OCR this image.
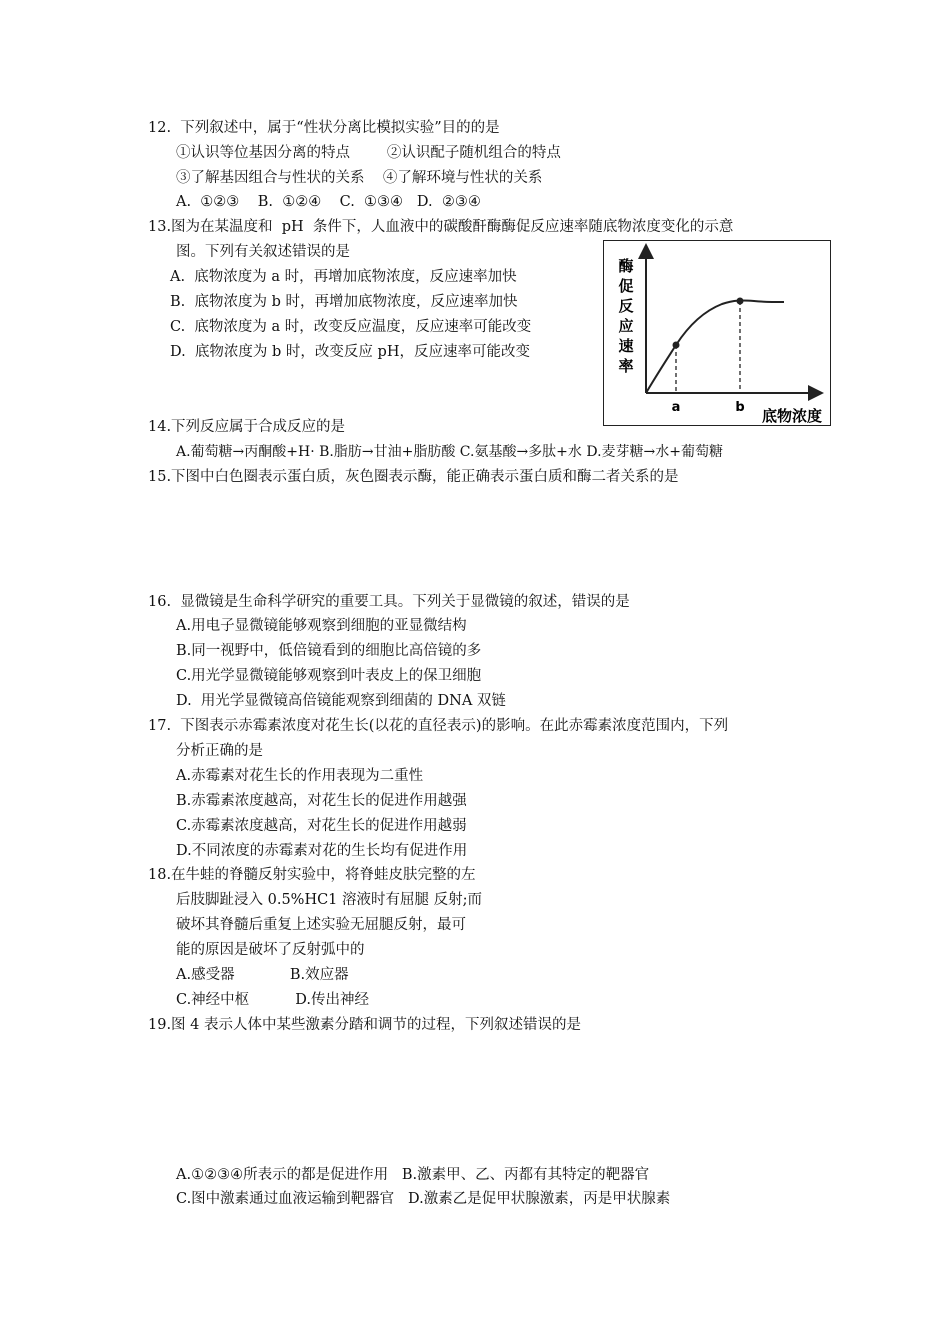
12.  下列叙述中，属于“性状分离比模拟实验”目的的是
①认识等位基因分离的特点        ②认识配子随机组合的特点
③了解基因组合与性状的关系    ④了解环境与性状的关系
A.  ①②③    B.  ①②④    C.  ①③④   D.  ②③④
13.图为在某温度和  pH  条件下，人血液中的碳酸酐酶酶促反应速率随底物浓度变化的示意
图。下列有关叙述错误的是
A.  底物浓度为 a 时，再增加底物浓度，反应速率加快
B.  底物浓度为 b 时，再增加底物浓度，反应速率加快
C.  底物浓度为 a 时，改变反应温度，反应速率可能改变
D.  底物浓度为 b 时，改变反应 pH，反应速率可能改变
酶
促
反
应
速
率
a	b 底物浓度
14.下列反应属于合成反应的是
A.葡萄糖→丙酮酸+H· B.脂肪→甘油+脂肪酸 C.氨基酸→多肽+水 D.麦芽糖→水+葡萄糖
15.下图中白色圈表示蛋白质，灰色圈表示酶，能正确表示蛋白质和酶二者关系的是
16.  显微镜是生命科学研究的重要工具。下列关于显微镜的叙述，错误的是
A.用电子显微镜能够观察到细胞的亚显微结构
B.同一视野中，低倍镜看到的细胞比高倍镜的多
C.用光学显微镜能够观察到叶表皮上的保卫细胞
D.  用光学显微镜高倍镜能观察到细菌的 DNA 双链
17.  下图表示赤霉素浓度对花生长(以花的直径表示)的影响。在此赤霉素浓度范围内，下列
分析正确的是
A.赤霉素对花生长的作用表现为二重性
B.赤霉素浓度越高，对花生长的促进作用越强
C.赤霉素浓度越高，对花生长的促进作用越弱
D.不同浓度的赤霉素对花的生长均有促进作用
18.在牛蛙的脊髓反射实验中，将脊蛙皮肤完整的左
后肢脚趾浸入 0.5%HC1 溶液时有屈腿 反射;而
破坏其脊髓后重复上述实验无屈腿反射，最可
能的原因是破坏了反射弧中的
A.感受器            B.效应器
C.神经中枢          D.传出神经
19.图 4 表示人体中某些激素分踏和调节的过程，下列叙述错误的是
A.①②③④所表示的都是促进作用   B.激素甲、乙、丙都有其特定的靶器官
C.图中激素通过血液运输到靶器官   D.激素乙是促甲状腺激素，丙是甲状腺素
